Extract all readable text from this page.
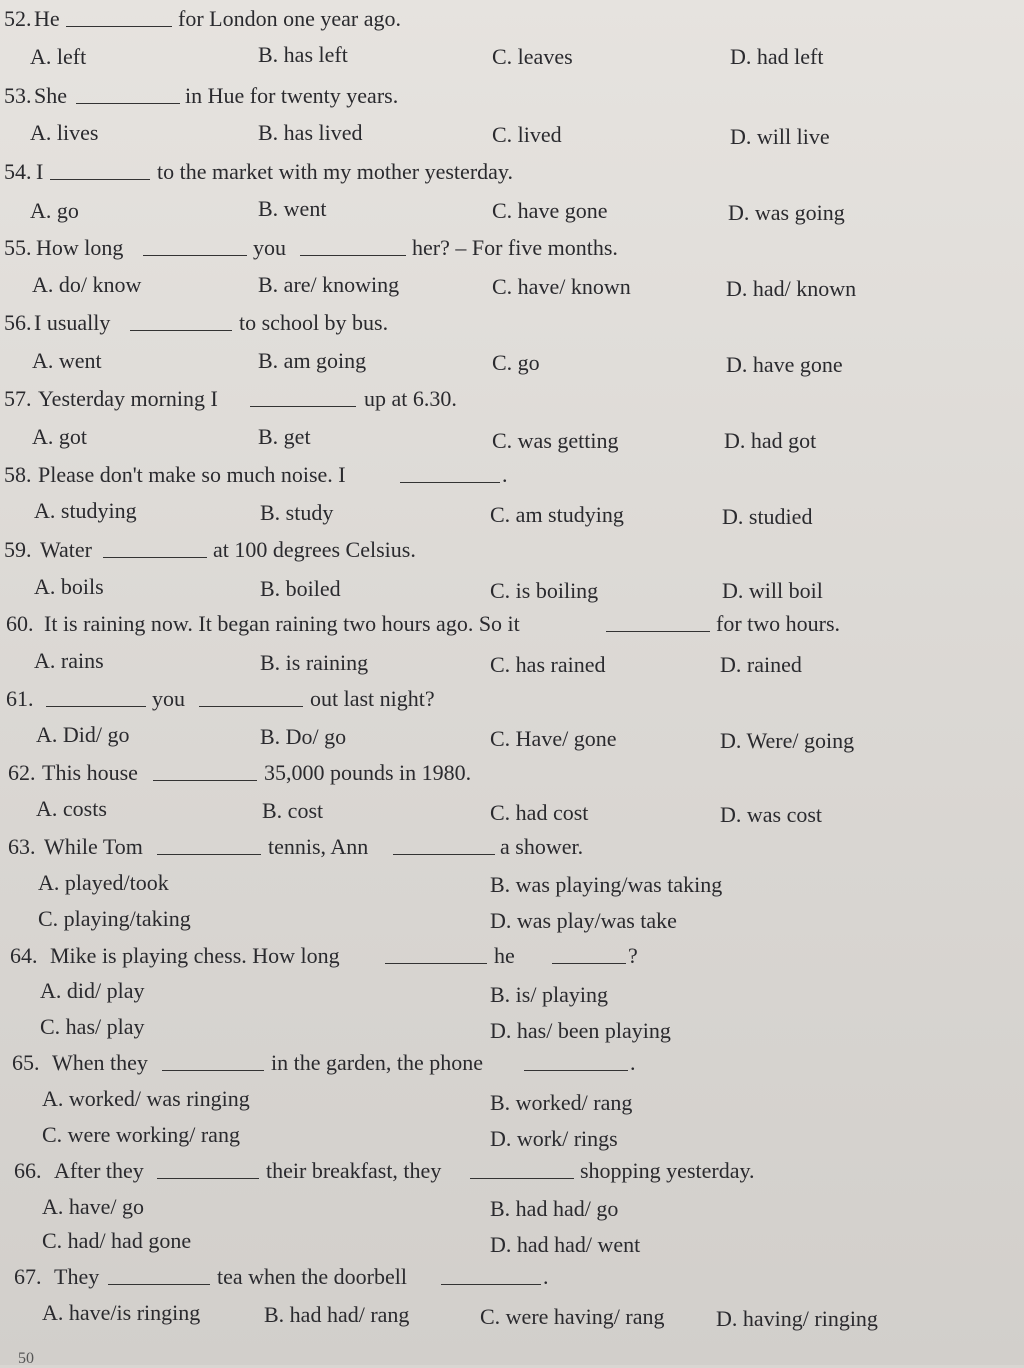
52. He	for London one year ago.
A. left	B. has left	C. leaves	D. had left
53. She	in Hue for twenty years.
A. lives	B. has lived	C. lived	D. will live
54. I	to the market with my mother yesterday.
A. go	B. went	C. have gone	D. was going
55. How long	you	her? – For five months.
A. do/ know	B. are/ knowing	C. have/ known	D. had/ known
56. I usually	to school by bus.
A. went	B. am going	C. go	D. have gone
57. Yesterday morning I	up at 6.30.
A. got	B. get	C. was getting	D. had got
58. Please don't make so much noise. I	.
A. studying	B. study	C. am studying	D. studied
59. Water	at 100 degrees Celsius.
A. boils	B. boiled	C. is boiling	D. will boil
60. It is raining now. It began raining two hours ago. So it	for two hours.
A. rains	B. is raining	C. has rained	D. rained
61.	you	out last night?
A. Did/ go	B. Do/ go	C. Have/ gone	D. Were/ going
62. This house	35,000 pounds in 1980.
A. costs	B. cost	C. had cost	D. was cost
63. While Tom	tennis, Ann	a shower.
A. played/took	B. was playing/was taking
C. playing/taking	D. was play/was take
64. Mike is playing chess. How long	he	?
A. did/ play	B. is/ playing
C. has/ play	D. has/ been playing
65. When they	in the garden, the phone	.
A. worked/ was ringing	B. worked/ rang
C. were working/ rang	D. work/ rings
66. After they	their breakfast, they	shopping yesterday.
A. have/ go	B. had had/ go
C. had/ had gone	D. had had/ went
67. They	tea when the doorbell	.
A. have/is ringing	B. had had/ rang	C. were having/ rang D. having/ ringing
50
